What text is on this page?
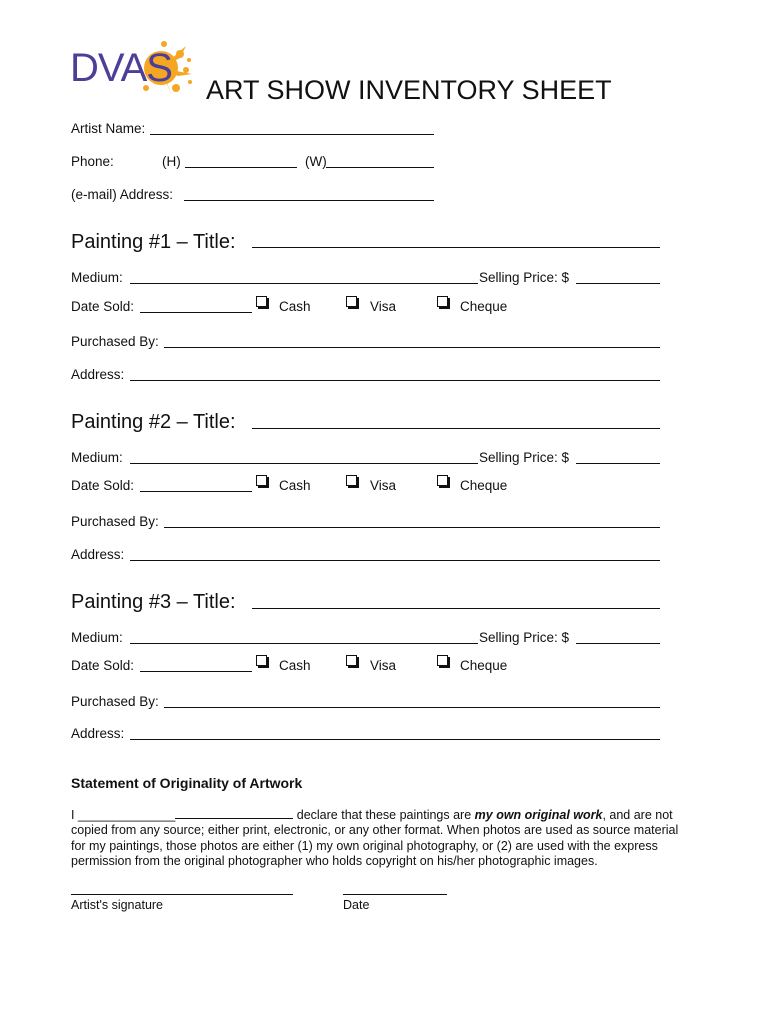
DVAS ART SHOW INVENTORY SHEET
Artist Name:
Phone:	(H)	(W)
(e-mail) Address:
Painting #1 – Title:
Medium:	Selling Price: $
Date Sold:	Cash	Visa	Cheque
Purchased By:
Address:
Painting #2 – Title:
Medium:	Selling Price: $
Date Sold:	Cash	Visa	Cheque
Purchased By:
Address:
Painting #3 – Title:
Medium:	Selling Price: $
Date Sold:	Cash	Visa	Cheque
Purchased By:
Address:
Statement of Originality of Artwork
I ______________	declare that these paintings are my own original work, and are not copied from any source; either print, electronic, or any other format. When photos are used as source material for my paintings, those photos are either (1) my own original photography, or (2) are used with the express permission from the original photographer who holds copyright on his/her photographic images.
Artist's signature	Date
